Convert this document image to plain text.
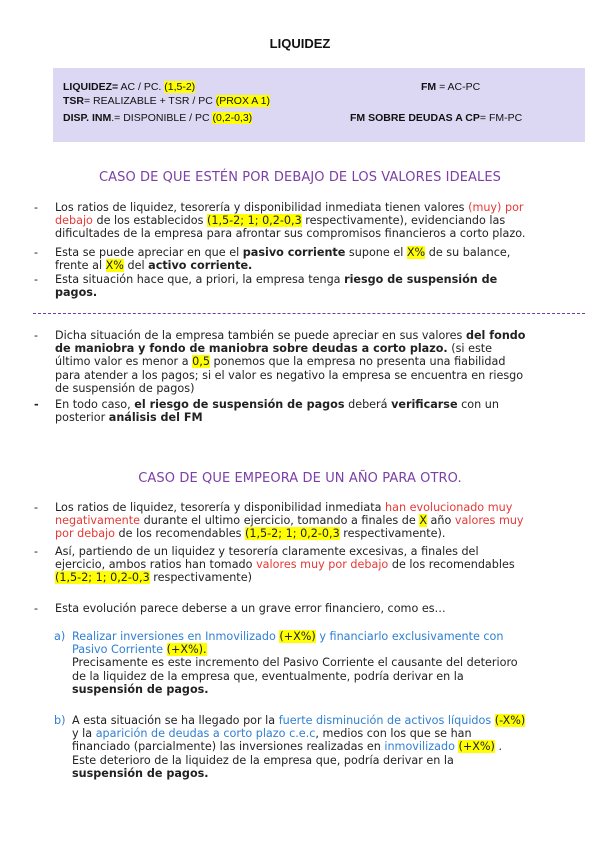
LIQUIDEZ
LIQUIDEZ= AC / PC. (1,5-2)
TSR= REALIZABLE + TSR / PC (PROX A 1)
DISP. INM.= DISPONIBLE / PC (0,2-0,3)
FM = AC-PC
FM SOBRE DEUDAS A CP= FM-PC
CASO DE QUE ESTÉN POR DEBAJO DE LOS VALORES IDEALES
- Los ratios de liquidez, tesorería y disponibilidad inmediata tienen valores (muy) por
debajo de los establecidos (1,5-2; 1; 0,2-0,3 respectivamente), evidenciando las
dificultades de la empresa para afrontar sus compromisos financieros a corto plazo.
- Esta se puede apreciar en que el pasivo corriente supone el X% de su balance,
frente al X% del activo corriente.
- Esta situación hace que, a priori, la empresa tenga riesgo de suspensión de
pagos.
- Dicha situación de la empresa también se puede apreciar en sus valores del fondo
de maniobra y fondo de maniobra sobre deudas a corto plazo. (si este
último valor es menor a 0,5 ponemos que la empresa no presenta una fiabilidad
para atender a los pagos; si el valor es negativo la empresa se encuentra en riesgo
de suspensión de pagos)
- En todo caso, el riesgo de suspensión de pagos deberá verificarse con un
posterior análisis del FM
CASO DE QUE EMPEORA DE UN AÑO PARA OTRO.
- Los ratios de liquidez, tesorería y disponibilidad inmediata han evolucionado muy
negativamente durante el ultimo ejercicio, tomando a finales de X año valores muy
por debajo de los recomendables (1,5-2; 1; 0,2-0,3 respectivamente).
- Así, partiendo de un liquidez y tesorería claramente excesivas, a finales del
ejercicio, ambos ratios han tomado valores muy por debajo de los recomendables
(1,5-2; 1; 0,2-0,3 respectivamente)
- Esta evolución parece deberse a un grave error financiero, como es…
a) Realizar inversiones en Inmovilizado (+X%) y financiarlo exclusivamente con
Pasivo Corriente (+X%).
Precisamente es este incremento del Pasivo Corriente el causante del deterioro
de la liquidez de la empresa que, eventualmente, podría derivar en la
suspensión de pagos.
b) A esta situación se ha llegado por la fuerte disminución de activos líquidos (-X%)
y la aparición de deudas a corto plazo c.e.c, medios con los que se han
financiado (parcialmente) las inversiones realizadas en inmovilizado (+X%) .
Este deterioro de la liquidez de la empresa que, podría derivar en la
suspensión de pagos.
